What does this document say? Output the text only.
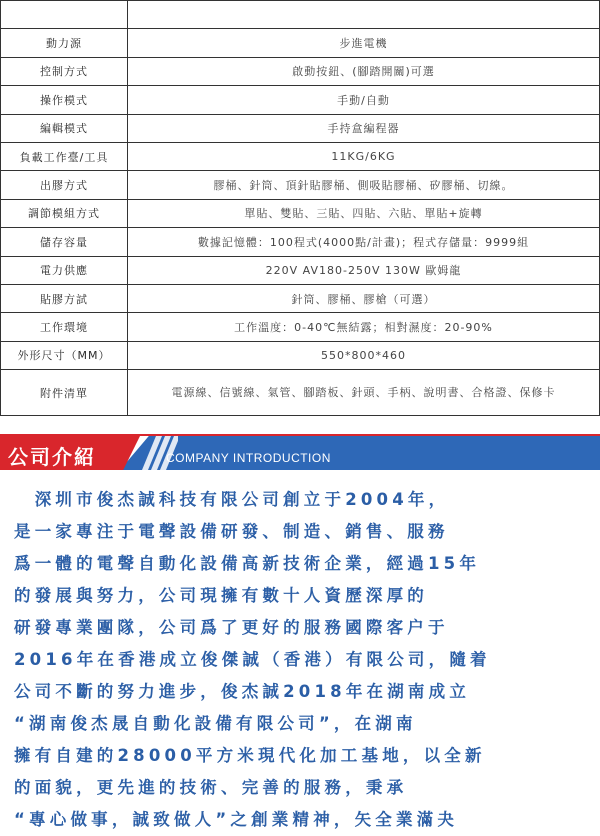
動力源	步進電機
控制方式	啟動按鈕、(腳踏開關)可選
操作模式	手動/自動
編輯模式	手持盒編程器
負載工作臺/工具	11KG/6KG
出膠方式	膠桶、針筒、頂針貼膠桶、側吸貼膠桶、矽膠桶、切線。
調節模組方式	單貼、雙貼、三貼、四貼、六貼、單貼+旋轉
儲存容量	數據記憶體：100程式(4000點/計畫)；程式存儲量：9999組
電力供應	220V AV180-250V 130W 歐姆龍
貼膠方試	針筒、膠桶、膠槍（可選）
工作環境	工作溫度：0-40℃無結露；相對濕度：20-90%
外形尺寸（MM）	550*800*460
附件清單	電源線、信號線、氣管、腳踏板、針頭、手柄、說明書、合格證、保修卡
公司介紹	COMPANY INTRODUCTION
　深圳市俊杰誠科技有限公司創立于2004年，
是一家專注于電聲設備研發、制造、銷售、服務
爲一體的電聲自動化設備高新技術企業，經過15年
的發展與努力，公司現擁有數十人資歷深厚的
研發專業團隊，公司爲了更好的服務國際客户于
2016年在香港成立俊傑誠（香港）有限公司，隨着
公司不斷的努力進步，俊杰誠2018年在湖南成立
“湖南俊杰晟自動化設備有限公司”，在湖南
擁有自建的28000平方米現代化加工基地，以全新
的面貌，更先進的技術、完善的服務，秉承
“專心做事，誠致做人”之創業精神，矢全業滿夬
